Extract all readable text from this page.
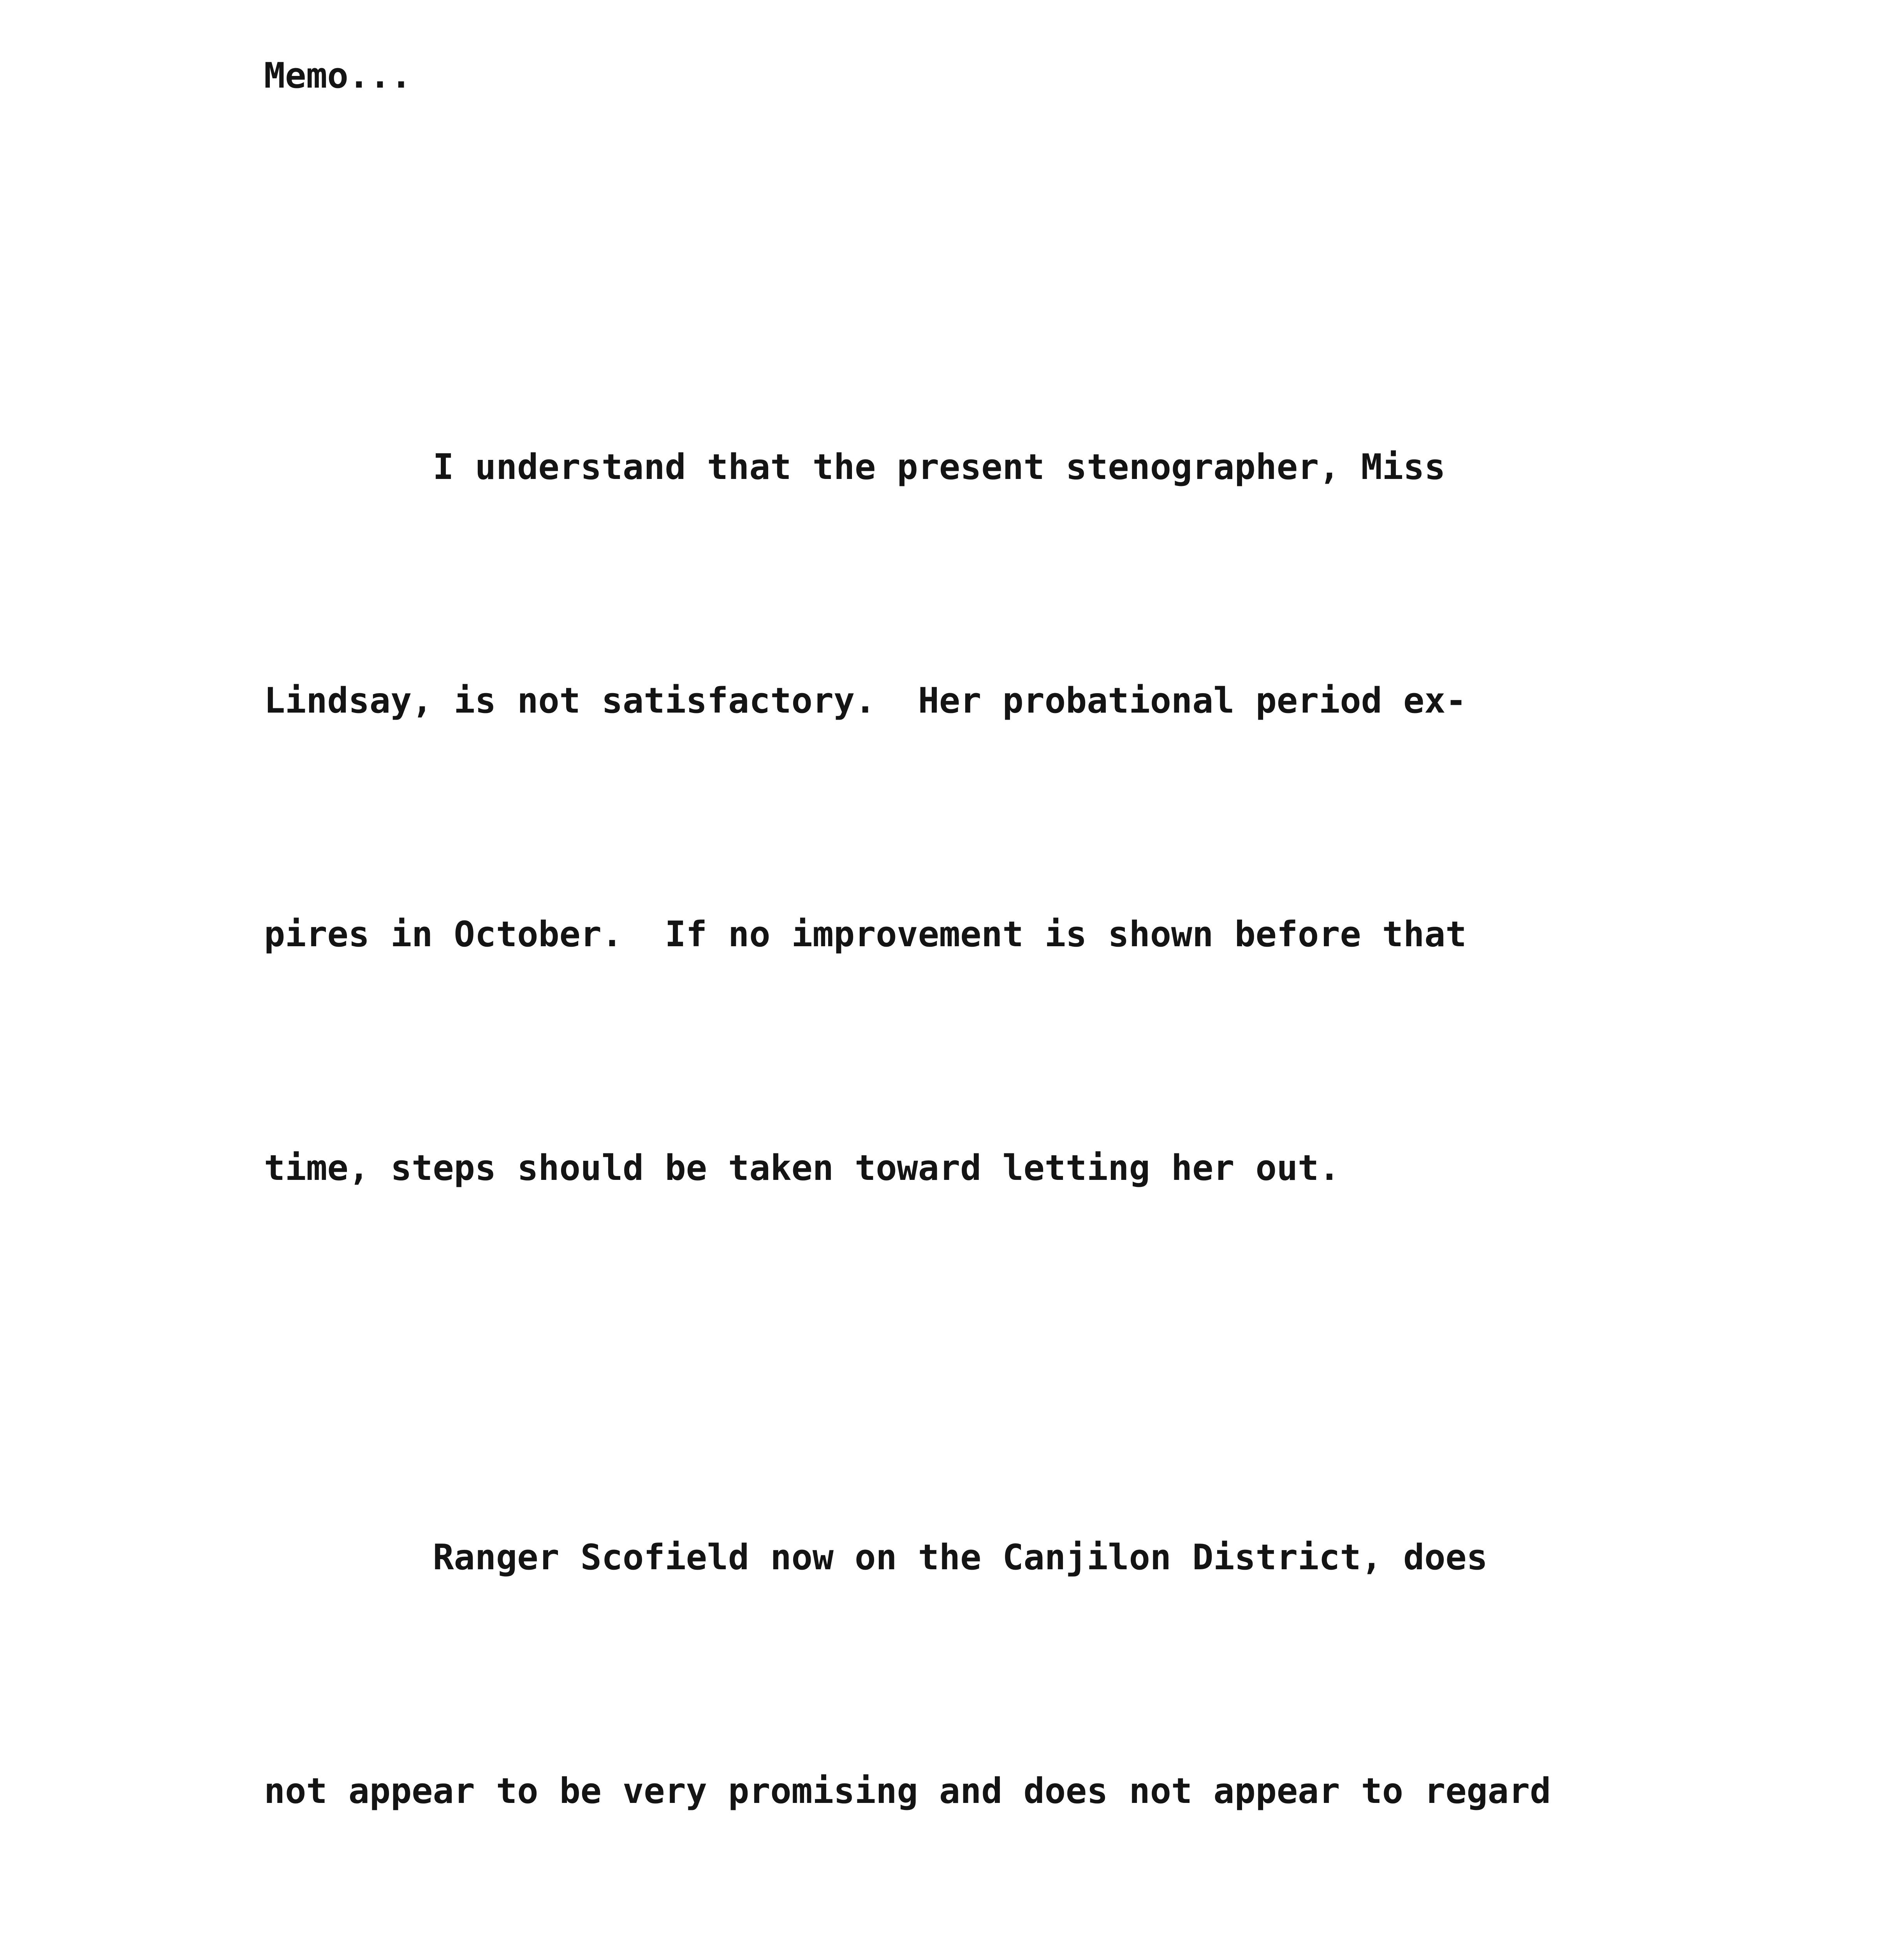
Memo...

I understand that the present stenographer, Miss

Lindsay, is not satisfactory.  Her probational period ex-

pires in October.  If no improvement is shown before that

time, steps should be taken toward letting her out.

Ranger Scofield now on the Canjilon District, does

not appear to be very promising and does not appear to regard
